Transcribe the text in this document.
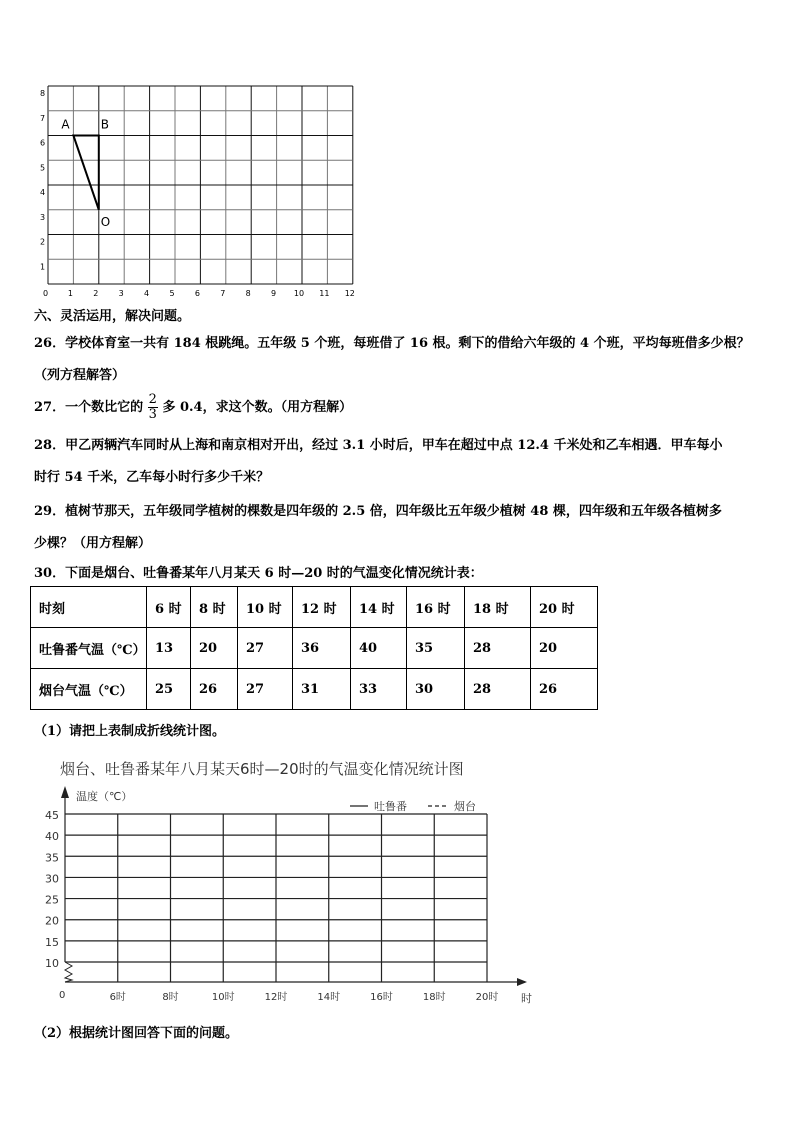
0 1	2	3	4	5	6	7	8	9 10 11 12
1
2
3
4
5
6
7
8
A	B
O
六、灵活运用，解决问题。
26．学校体育室一共有 184 根跳绳。五年级 5 个班，每班借了 16 根。剩下的借给六年级的 4 个班，平均每班借多少根？
（列方程解答）
27．一个数比它的 $\frac{2}{3}$ 多 0.4，求这个数。（用方程解）
28．甲乙两辆汽车同时从上海和南京相对开出，经过 3.1 小时后，甲车在超过中点 12.4 千米处和乙车相遇．甲车每小
时行 54 千米，乙车每小时行多少千米？
29．植树节那天，五年级同学植树的棵数是四年级的 2.5 倍，四年级比五年级少植树 48 棵，四年级和五年级各植树多
少棵？（用方程解）
30．下面是烟台、吐鲁番某年八月某天 6 时—20 时的气温变化情况统计表：
时刻	6 时	8 时	10 时	12 时	14 时	16 时	18 时	20 时
吐鲁番气温（℃）	13	20	27	36	40	35	28	20
烟台气温（℃）	25	26	27	31	33	30	28	26
（1）请把上表制成折线统计图。
烟台、吐鲁番某年八月某天6时—20时的气温变化情况统计图
10
15
20
25
30
35
40
45
6时	8时	10时	12时	14时	16时	18时	20时
温度（℃）
时
0
吐鲁番	烟台
（2）根据统计图回答下面的问题。
